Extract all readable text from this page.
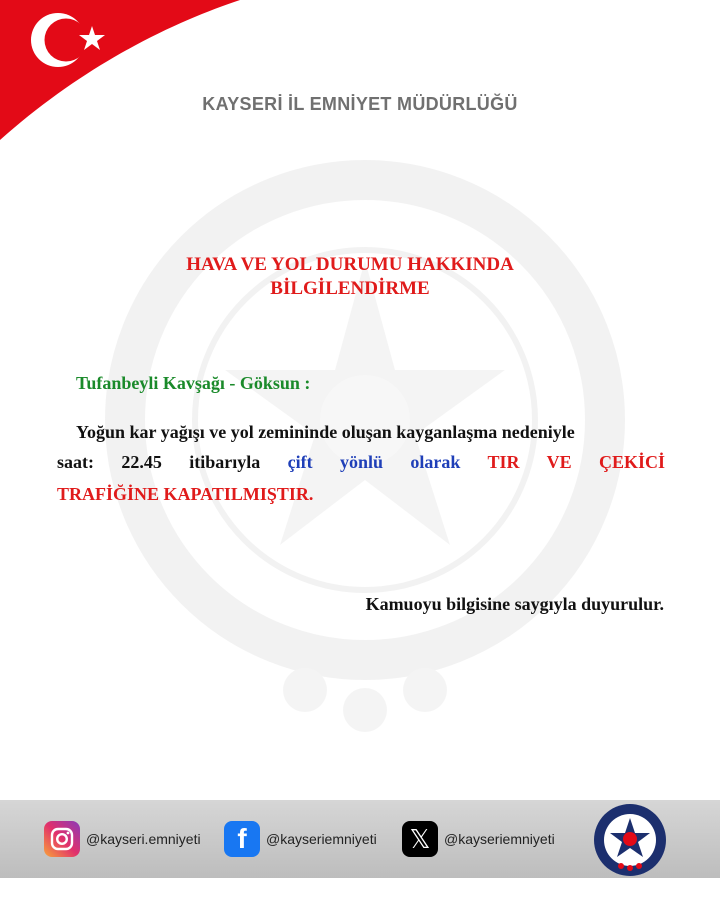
KAYSERİ İL EMNİYET MÜDÜRLÜĞÜ
HAVA VE YOL DURUMU HAKKINDA
BİLGİLENDİRME
Tufanbeyli Kavşağı - Göksun :
Yoğun kar yağışı ve yol zemininde oluşan kayganlaşma nedeniyle
saat: 22.45 itibarıyla çift yönlü olarak TIR VE ÇEKİCİ
TRAFİĞİNE KAPATILMIŞTIR.
Kamuoyu bilgisine saygıyla duyurulur.
@kayseri.emniyeti	f	@kayseriemniyeti 𝕏 @kayseriemniyeti
